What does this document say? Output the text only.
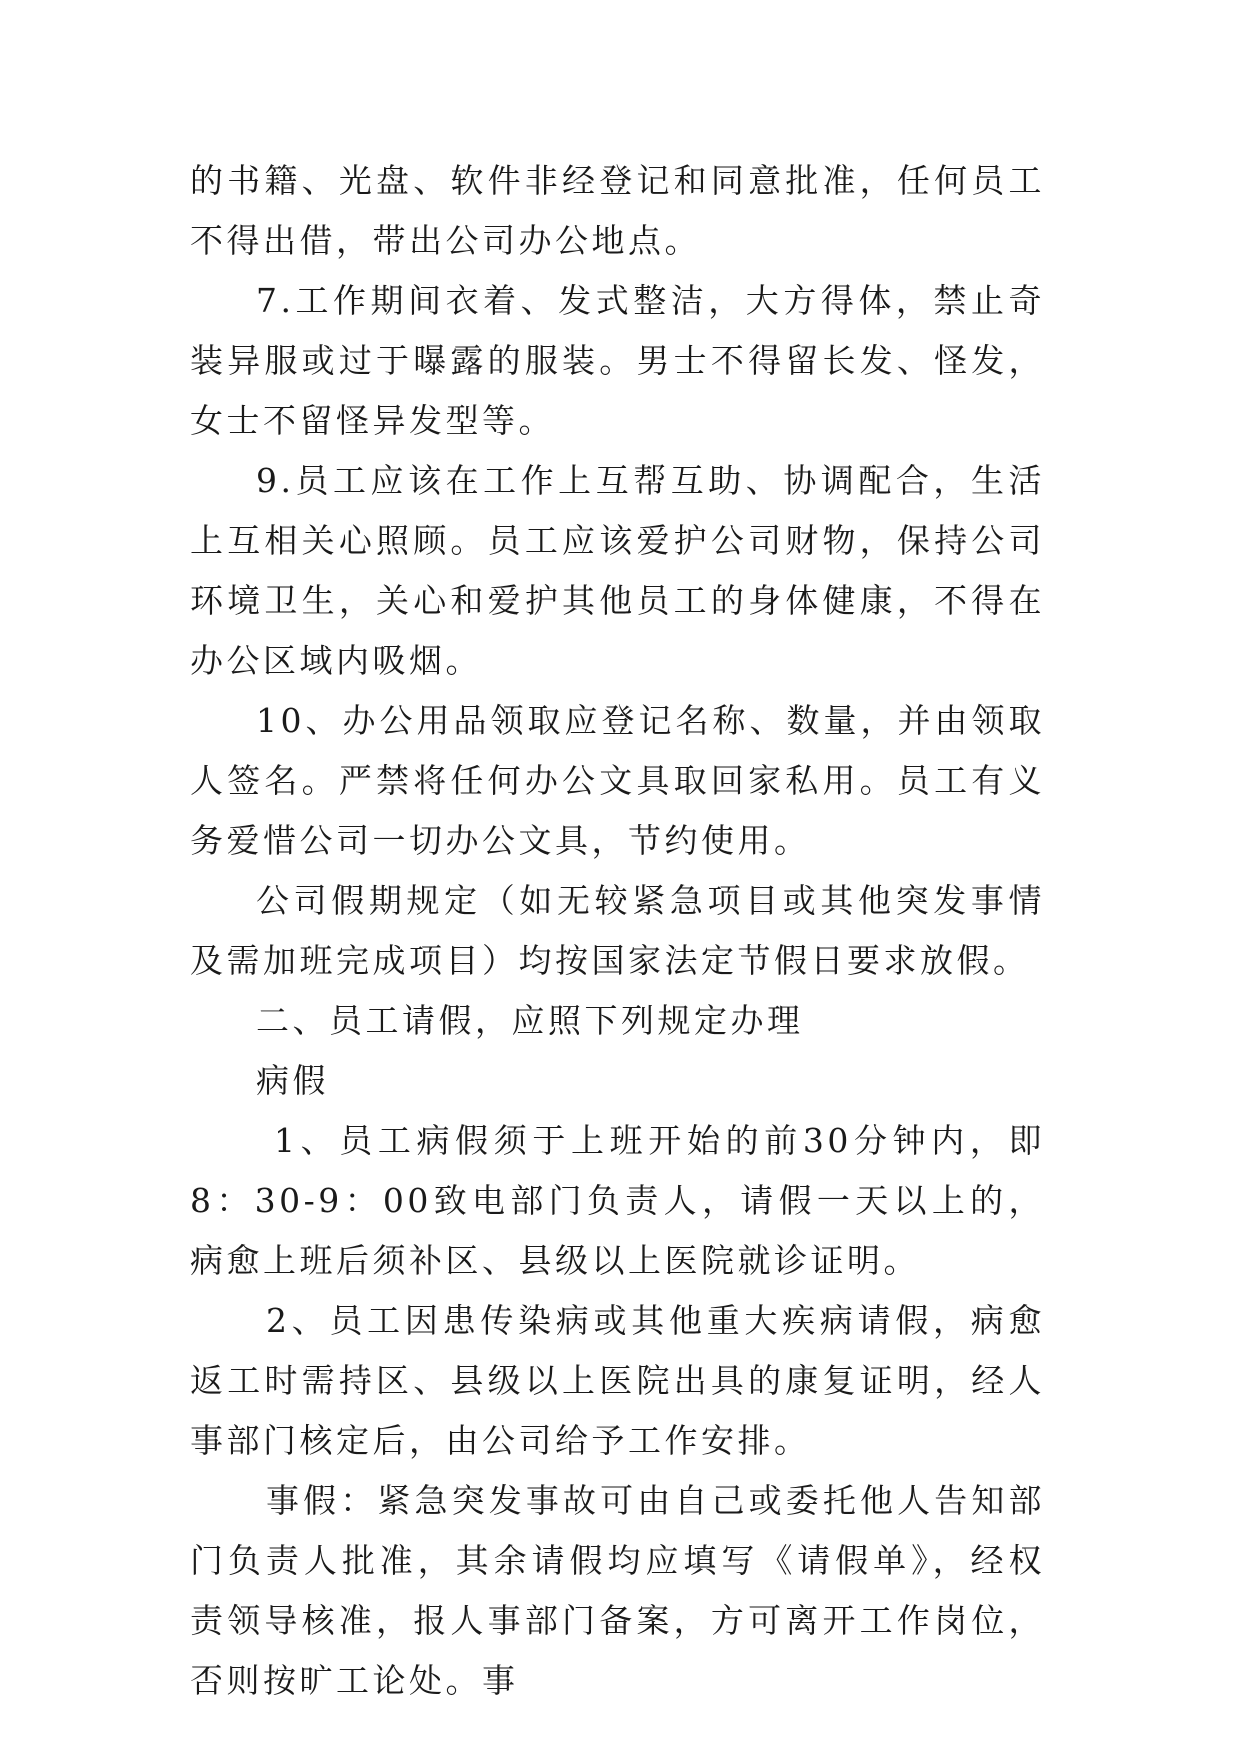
的书籍、光盘、软件非经登记和同意批准，任何员工不得出借，带出公司办公地点。

7.工作期间衣着、发式整洁，大方得体，禁止奇装异服或过于曝露的服装。男士不得留长发、怪发，女士不留怪异发型等。

9.员工应该在工作上互帮互助、协调配合，生活上互相关心照顾。员工应该爱护公司财物，保持公司环境卫生，关心和爱护其他员工的身体健康，不得在办公区域内吸烟。

10、办公用品领取应登记名称、数量，并由领取人签名。严禁将任何办公文具取回家私用。员工有义务爱惜公司一切办公文具，节约使用。

公司假期规定（如无较紧急项目或其他突发事情及需加班完成项目）均按国家法定节假日要求放假。

二、员工请假，应照下列规定办理

病假

1、员工病假须于上班开始的前30分钟内，即8：30-9：00致电部门负责人，请假一天以上的，病愈上班后须补区、县级以上医院就诊证明。

2、员工因患传染病或其他重大疾病请假，病愈返工时需持区、县级以上医院出具的康复证明，经人事部门核定后，由公司给予工作安排。

事假：紧急突发事故可由自己或委托他人告知部门负责人批准，其余请假均应填写《请假单》，经权责领导核准，报人事部门备案，方可离开工作岗位，否则按旷工论处。事
